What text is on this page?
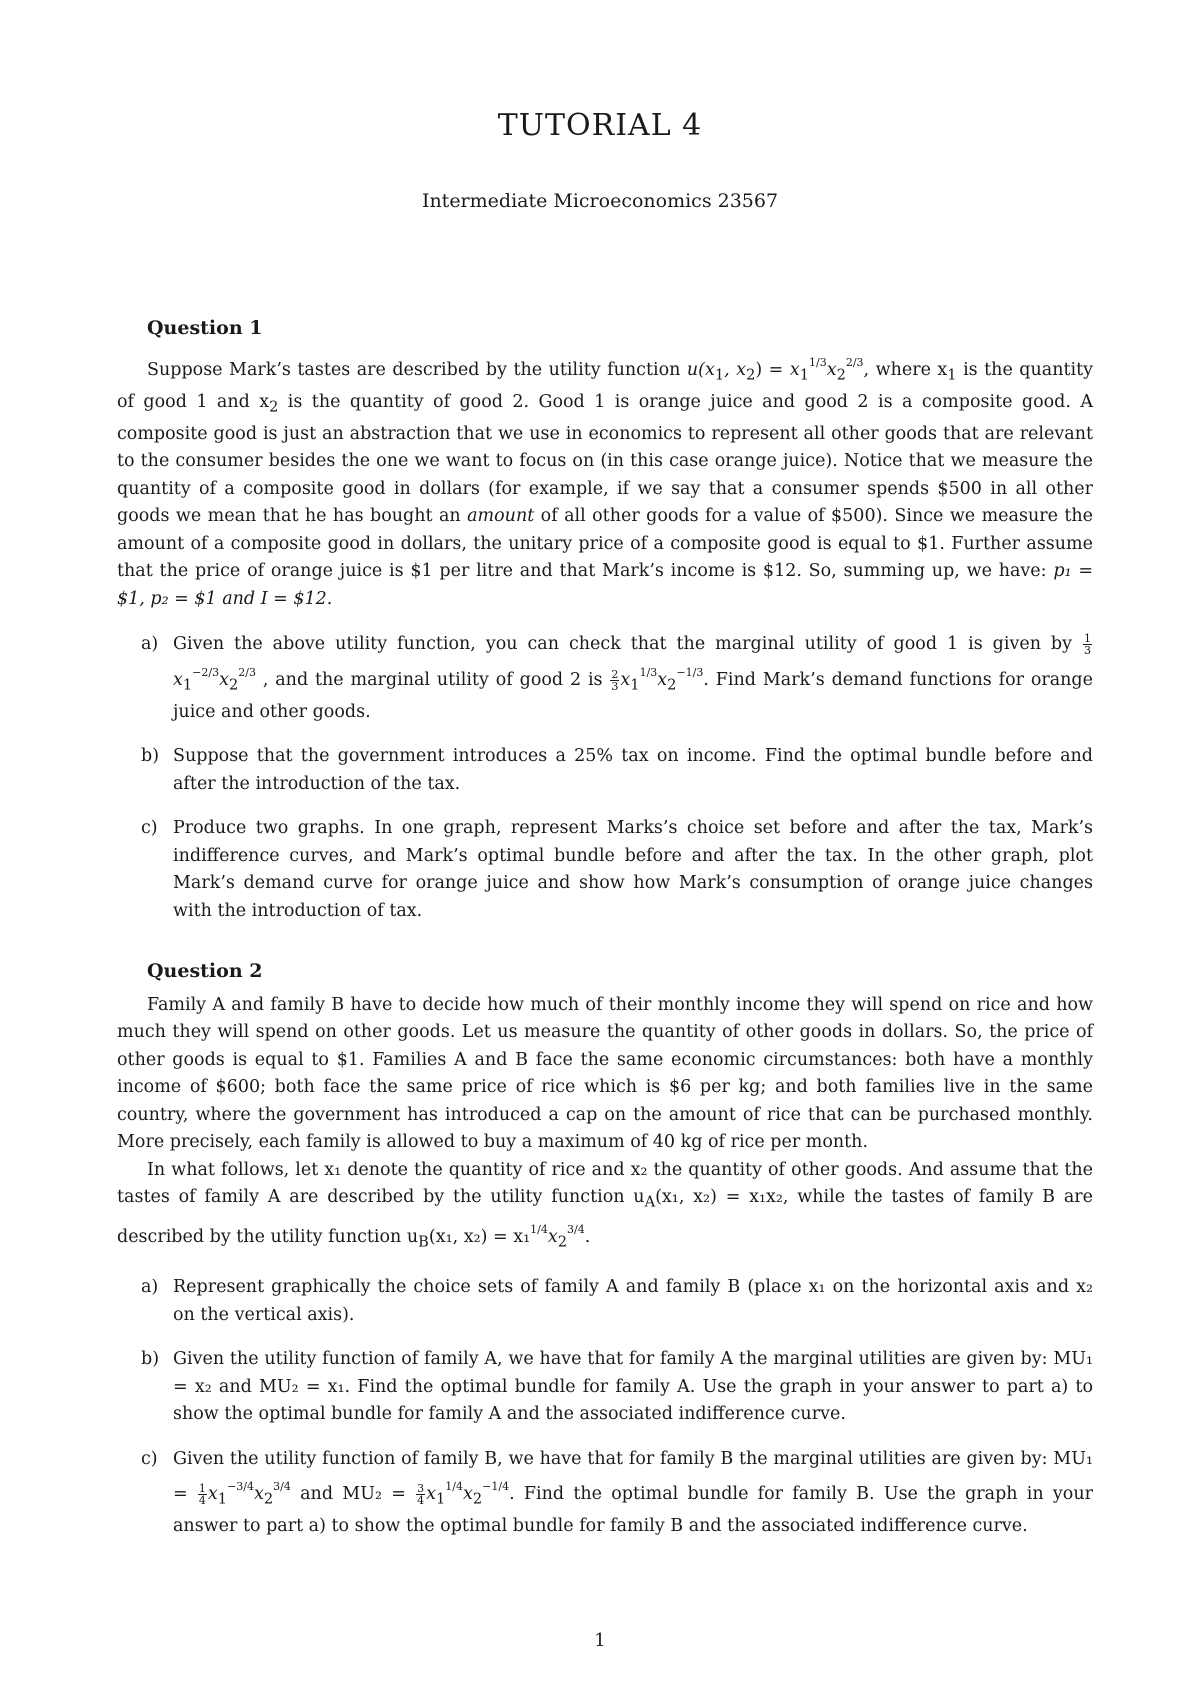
TUTORIAL 4
Intermediate Microeconomics 23567
Question 1

Suppose Mark’s tastes are described by the utility function $u(x_1$, $x_2) = x_1^{1/3}x_2^{2/3}$, where $x_1$ is the quantity of good 1 and $x_2$ is the quantity of good 2. Good 1 is orange juice and good 2 is a composite good. A composite good is just an abstraction that we use in economics to represent all other goods that are relevant to the consumer besides the one we want to focus on (in this case orange juice). Notice that we measure the quantity of a composite good in dollars (for example, if we say that a consumer spends $500 in all other goods we mean that he has bought an amount of all other goods for a value of $500). Since we measure the amount of a composite good in dollars, the unitary price of a composite good is equal to $1. Further assume that the price of orange juice is $1 per litre and that Mark’s income is $12. So, summing up, we have: p₁ = $1, p₂ = $1 and I = $12.

a) Given the above utility function, you can check that the marginal utility of good 1 is given by $\frac{1}{3}$
$x_1^{-2/3}x_2^{2/3}$ , and the marginal utility of good 2 is $\frac{2}{3} x_1^{1/3}x_2^{-1/3}$. Find Mark’s demand functions for orange juice and other goods.
b) Suppose that the government introduces a 25% tax on income. Find the optimal bundle before and after the introduction of the tax.
c) Produce two graphs. In one graph, represent Marks’s choice set before and after the tax, Mark’s indifference curves, and Mark’s optimal bundle before and after the tax. In the other graph, plot Mark’s demand curve for orange juice and show how Mark’s consumption of orange juice changes with the introduction of tax.
Question 2

Family A and family B have to decide how much of their monthly income they will spend on rice and how much they will spend on other goods. Let us measure the quantity of other goods in dollars. So, the price of other goods is equal to $1. Families A and B face the same economic circumstances: both have a monthly income of $600; both face the same price of rice which is $6 per kg; and both families live in the same country, where the government has introduced a cap on the amount of rice that can be purchased monthly. More precisely, each family is allowed to buy a maximum of 40 kg of rice per month.

In what follows, let x₁ denote the quantity of rice and x₂ the quantity of other goods. And assume that the tastes of family A are described by the utility function $u_A(x_1$, x₂) = x₁x₂, while the tastes of family B are described by the utility function $u_B(x_1$, $x_2) = x_1^{1/4}x_2^{3/4}$.

a) Represent graphically the choice sets of family A and family B (place x₁ on the horizontal axis and x₂ on the vertical axis).
b) Given the utility function of family A, we have that for family A the marginal utilities are given by: MU₁ = x₂ and MU₂ = x₁. Find the optimal bundle for family A. Use the graph in your answer to part a) to show the optimal bundle for family A and the associated indifference curve.
c) Given the utility function of family B, we have that for family B the marginal utilities are given by: $MU_1 = \frac{1}{4} x_1^{-3/4}x_2^{3/4}$ and $MU_2 = \frac{3}{4} x_1^{1/4}x_2^{-1/4}$. Find the optimal bundle for family B. Use the graph in your answer to part a) to show the optimal bundle for family B and the associated indifference curve.
1
